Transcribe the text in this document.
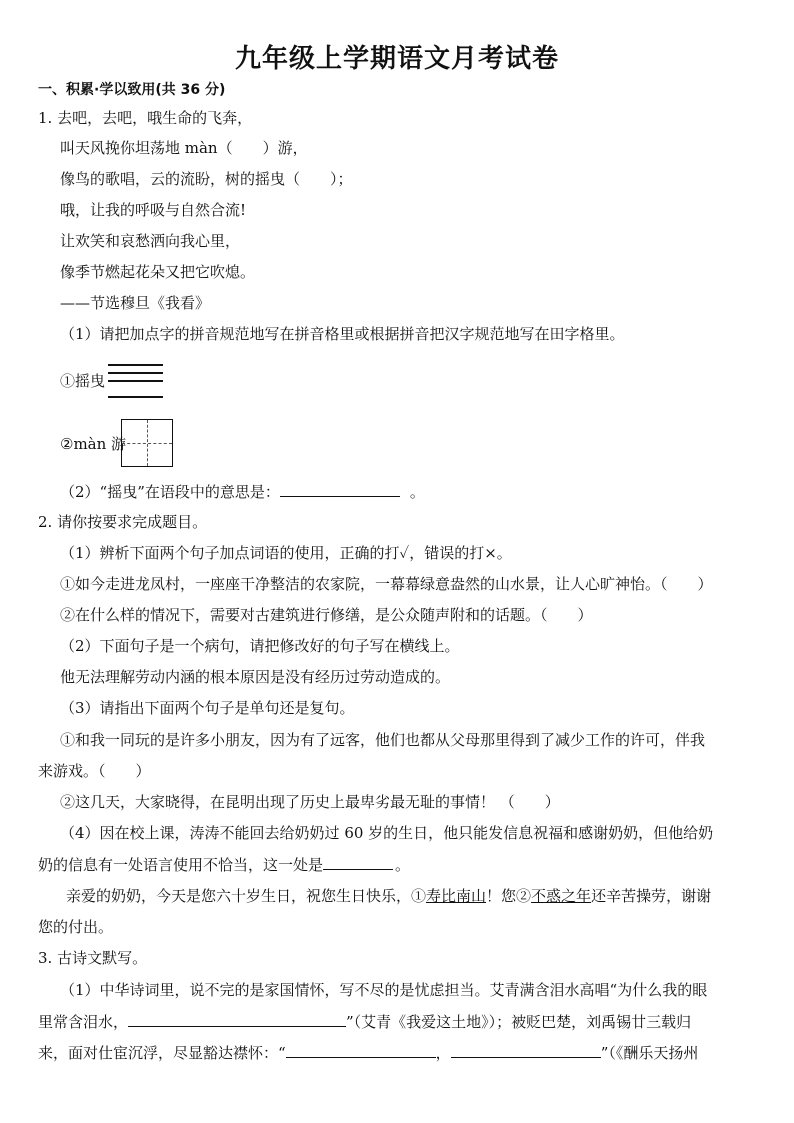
九年级上学期语文月考试卷
一、积累·学以致用(共 36 分)
1. 去吧，去吧，哦生命的飞奔，
叫天风挽你坦荡地 màn（　　）游，
像鸟的歌唱，云的流盼，树的摇曳（　　）；
哦，让我的呼吸与自然合流!
让欢笑和哀愁洒向我心里，
像季节燃起花朵又把它吹熄。
——节选穆旦《我看》
（1）请把加点字的拼音规范地写在拼音格里或根据拼音把汉字规范地写在田字格里。
①摇曳
②màn 游
（2）“摇曳”在语段中的意思是：	。
2. 请你按要求完成题目。
（1）辨析下面两个句子加点词语的使用，正确的打✓，错误的打×。
①如今走进龙凤村，一座座干净整洁的农家院，一幕幕绿意盎然的山水景，让人心旷神怡。（　　）
②在什么样的情况下，需要对古建筑进行修缮，是公众随声附和的话题。（　　）
（2）下面句子是一个病句，请把修改好的句子写在横线上。
他无法理解劳动内涵的根本原因是没有经历过劳动造成的。
（3）请指出下面两个句子是单句还是复句。
①和我一同玩的是许多小朋友，因为有了远客，他们也都从父母那里得到了减少工作的许可，伴我
来游戏。（　　）
②这几天，大家晓得，在昆明出现了历史上最卑劣最无耻的事情！ （　　）
（4）因在校上课，涛涛不能回去给奶奶过 60 岁的生日，他只能发信息祝福和感谢奶奶，但他给奶
奶的信息有一处语言使用不恰当，这一处是	。
亲爱的奶奶，今天是您六十岁生日，祝您生日快乐，①寿比南山！您②不惑之年还辛苦操劳，谢谢
您的付出。
3. 古诗文默写。
（1）中华诗词里，说不完的是家国情怀，写不尽的是忧虑担当。艾青满含泪水高唱“为什么我的眼
里常含泪水，	”（艾青《我爱这土地》）；被贬巴楚，刘禹锡廿三载归
来，面对仕宦沉浮，尽显豁达襟怀：“	，	”（《酬乐天扬州
